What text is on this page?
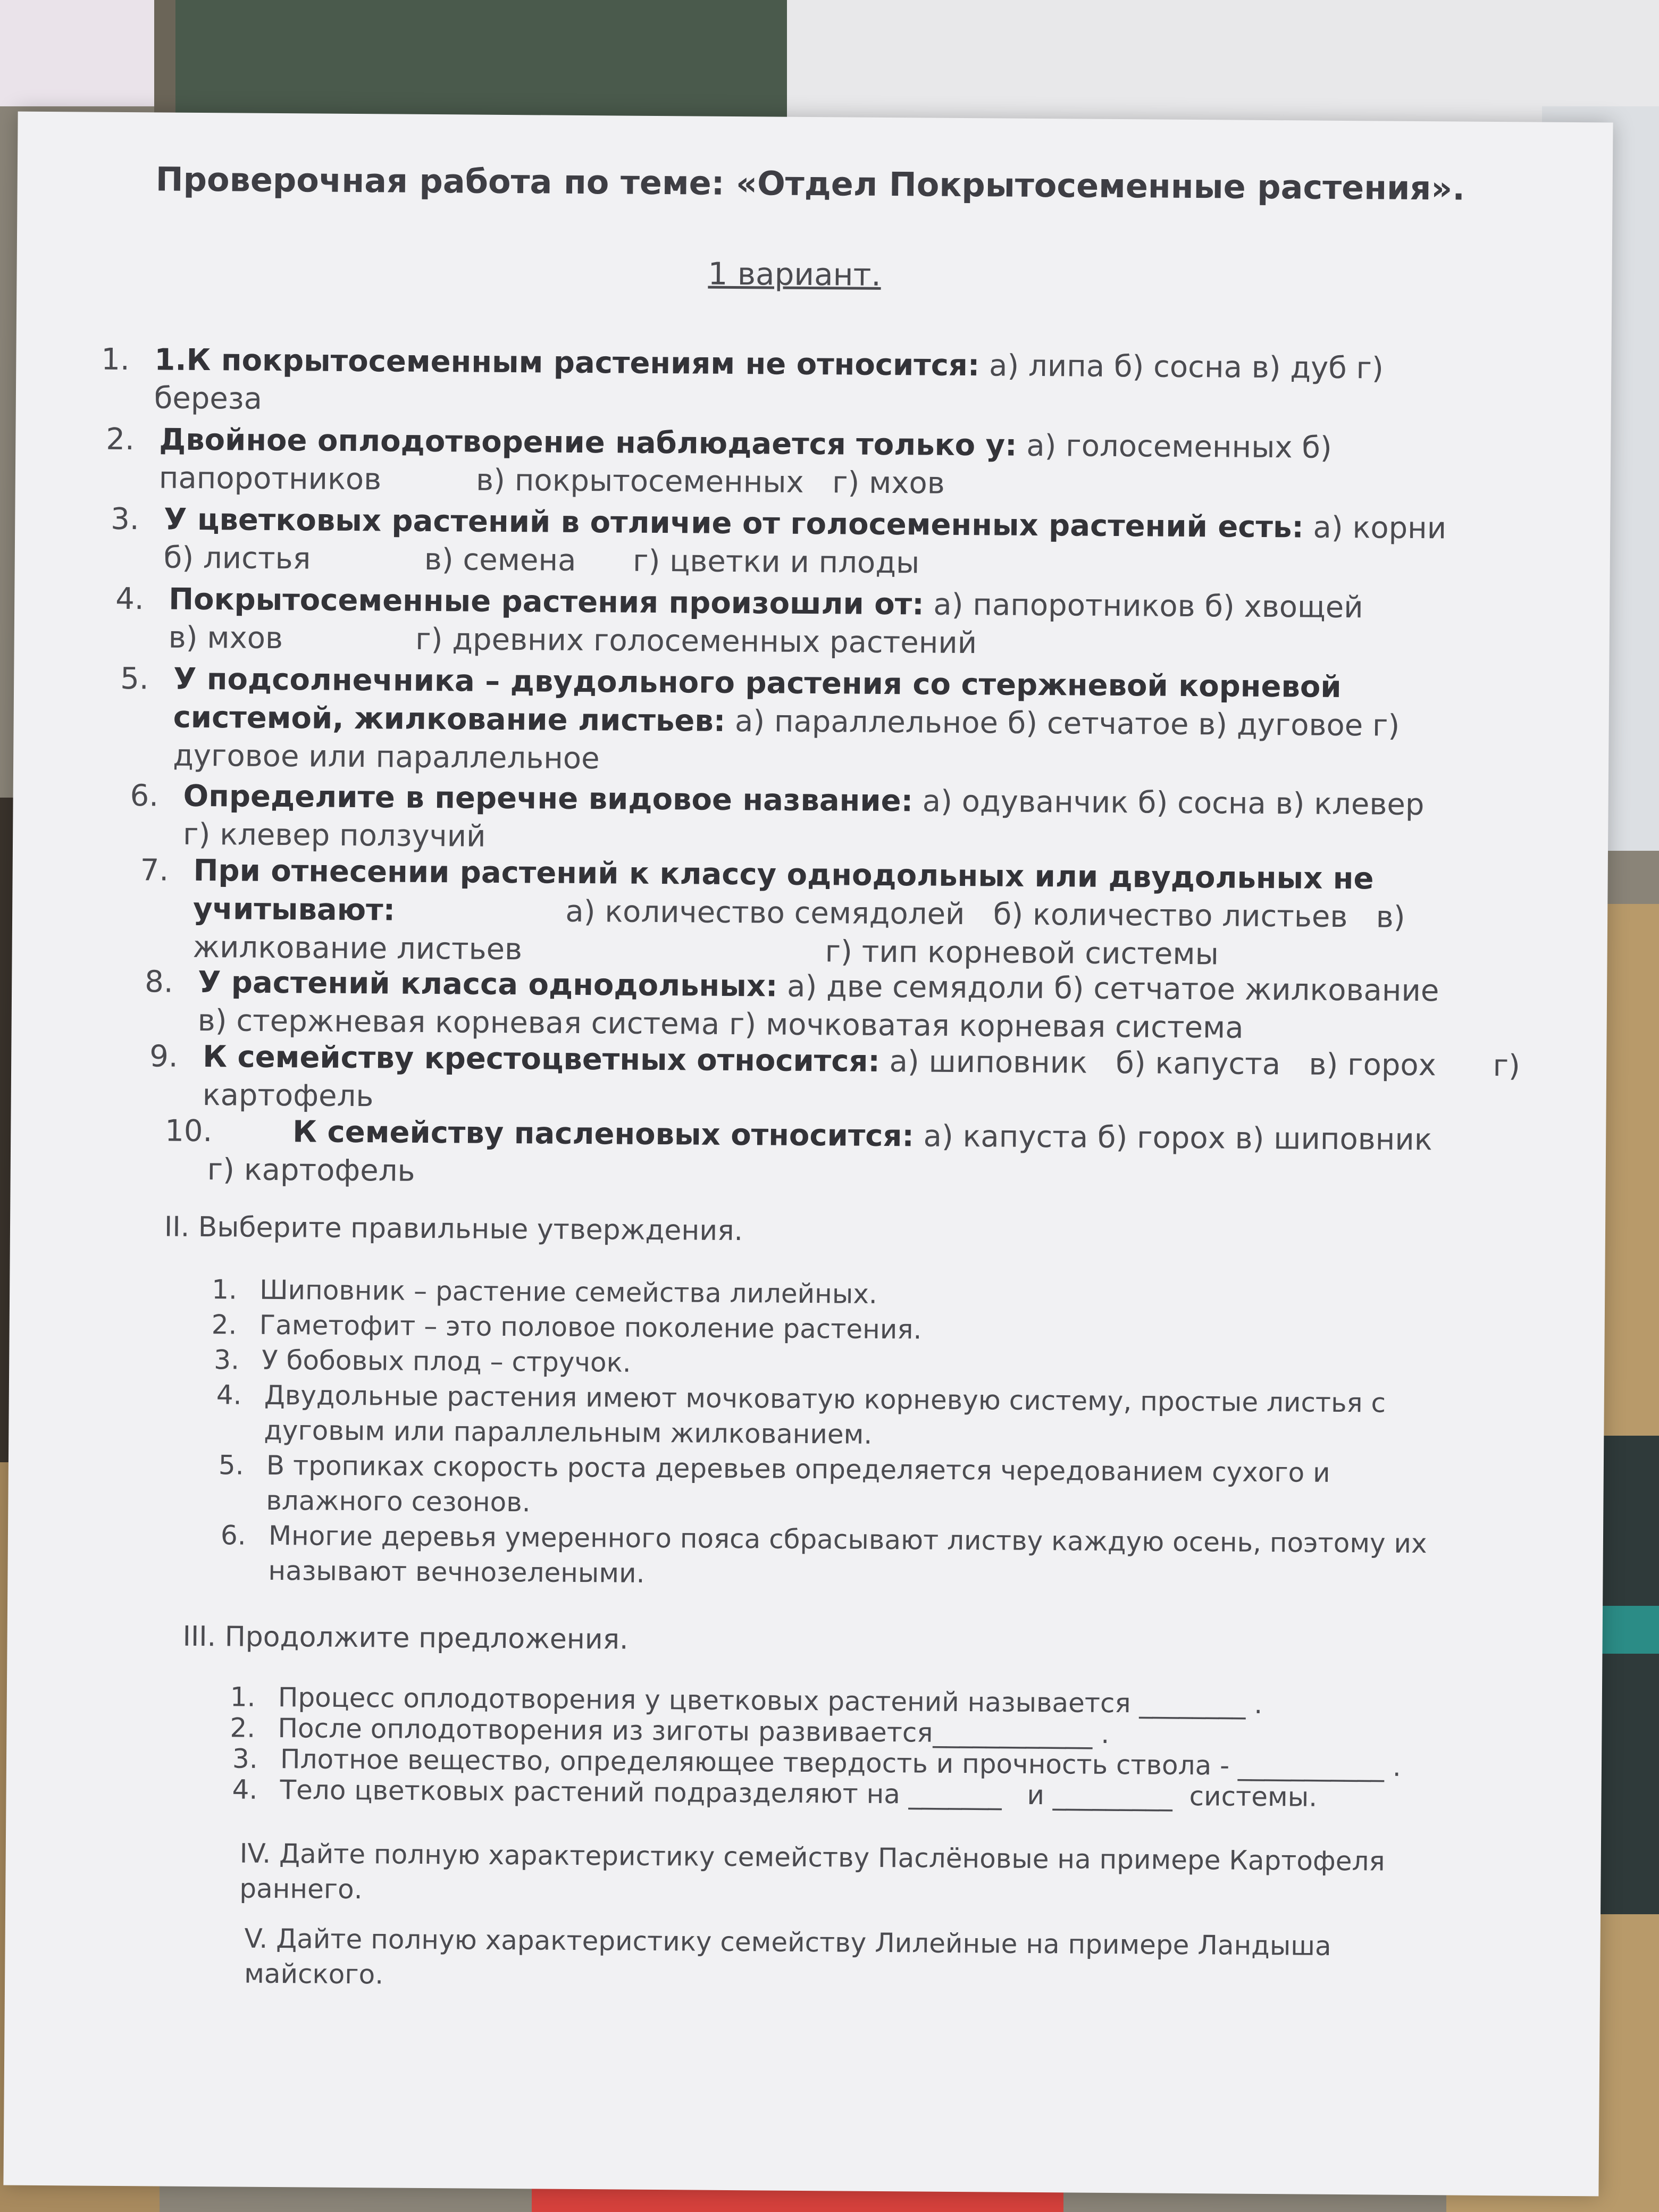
Проверочная работа по теме: «Отдел Покрытосеменные растения».
1 вариант.
1. 1.К покрытосеменным растениям не относится: а) липа б) сосна в) дуб г)
береза
2. Двойное оплодотворение наблюдается только у: а) голосеменных б)
папоротников          в) покрытосеменных   г) мхов
3. У цветковых растений в отличие от голосеменных растений есть: а) корни
б) листья            в) семена      г) цветки и плоды
4. Покрытосеменные растения произошли от: а) папоротников б) хвощей
в) мхов              г) древних голосеменных растений
5. У подсолнечника – двудольного растения со стержневой корневой
системой, жилкование листьев: а) параллельное б) сетчатое в) дуговое г)
дуговое или параллельное
6. Определите в перечне видовое название: а) одуванчик б) сосна в) клевер
г) клевер ползучий
7. При отнесении растений к классу однодольных или двудольных не
учитывают:                  а) количество семядолей   б) количество листьев   в)
жилкование листьев                                г) тип корневой системы
8. У растений класса однодольных: а) две семядоли б) сетчатое жилкование
в) стержневая корневая система г) мочковатая корневая система
9. К семейству крестоцветных относится: а) шиповник   б) капуста   в) горох      г)
картофель
10.	К семейству пасленовых относится: а) капуста б) горох в) шиповник
г) картофель
II. Выберите правильные утверждения.
1. Шиповник – растение семейства лилейных.
2. Гаметофит – это половое поколение растения.
3. У бобовых плод – стручок.
4. Двудольные растения имеют мочковатую корневую систему, простые листья с
дуговым или параллельным жилкованием.
5. В тропиках скорость роста деревьев определяется чередованием сухого и
влажного сезонов.
6. Многие деревья умеренного пояса сбрасывают листву каждую осень, поэтому их
называют вечнозелеными.
III. Продолжите предложения.
1. Процесс оплодотворения у цветковых растений называется ________ .
2. После оплодотворения из зиготы развивается____________ .
3. Плотное вещество, определяющее твердость и прочность ствола - ___________ .
4. Тело цветковых растений подразделяют на _______   и _________  системы.
IV. Дайте полную характеристику семейству Паслёновые на примере Картофеля
раннего.
V. Дайте полную характеристику семейству Лилейные на примере Ландыша
майского.
